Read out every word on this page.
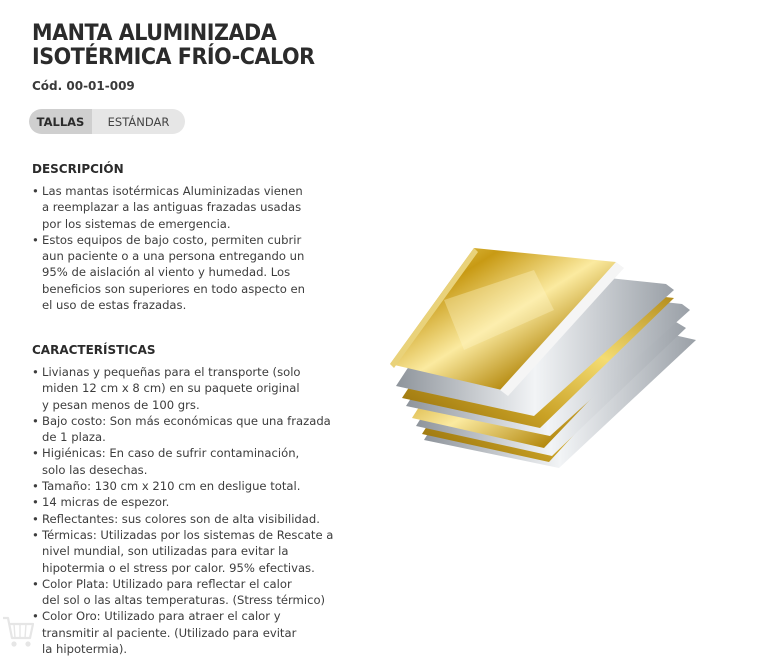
MANTA ALUMINIZADA
ISOTÉRMICA FRÍO-CALOR
Cód. 00-01-009
TALLAS	ESTÁNDAR
DESCRIPCIÓN
• Las mantas isotérmicas Aluminizadas vienen
a reemplazar a las antiguas frazadas usadas
por los sistemas de emergencia.
• Estos equipos de bajo costo, permiten cubrir
aun paciente o a una persona entregando un
95% de aislación al viento y humedad. Los
beneficios son superiores en todo aspecto en
el uso de estas frazadas.
CARACTERÍSTICAS
• Livianas y pequeñas para el transporte (solo
miden 12 cm x 8 cm) en su paquete original
y pesan menos de 100 grs.
• Bajo costo: Son más económicas que una frazada
de 1 plaza.
• Higiénicas: En caso de sufrir contaminación,
solo las desechas.
• Tamaño: 130 cm x 210 cm en desligue total.
• 14 micras de espezor.
• Reflectantes: sus colores son de alta visibilidad.
• Térmicas: Utilizadas por los sistemas de Rescate a
nivel mundial, son utilizadas para evitar la
hipotermia o el stress por calor. 95% efectivas.
• Color Plata: Utilizado para reflectar el calor
del sol o las altas temperaturas. (Stress térmico)
• Color Oro: Utilizado para atraer el calor y
transmitir al paciente. (Utilizado para evitar
la hipotermia).
